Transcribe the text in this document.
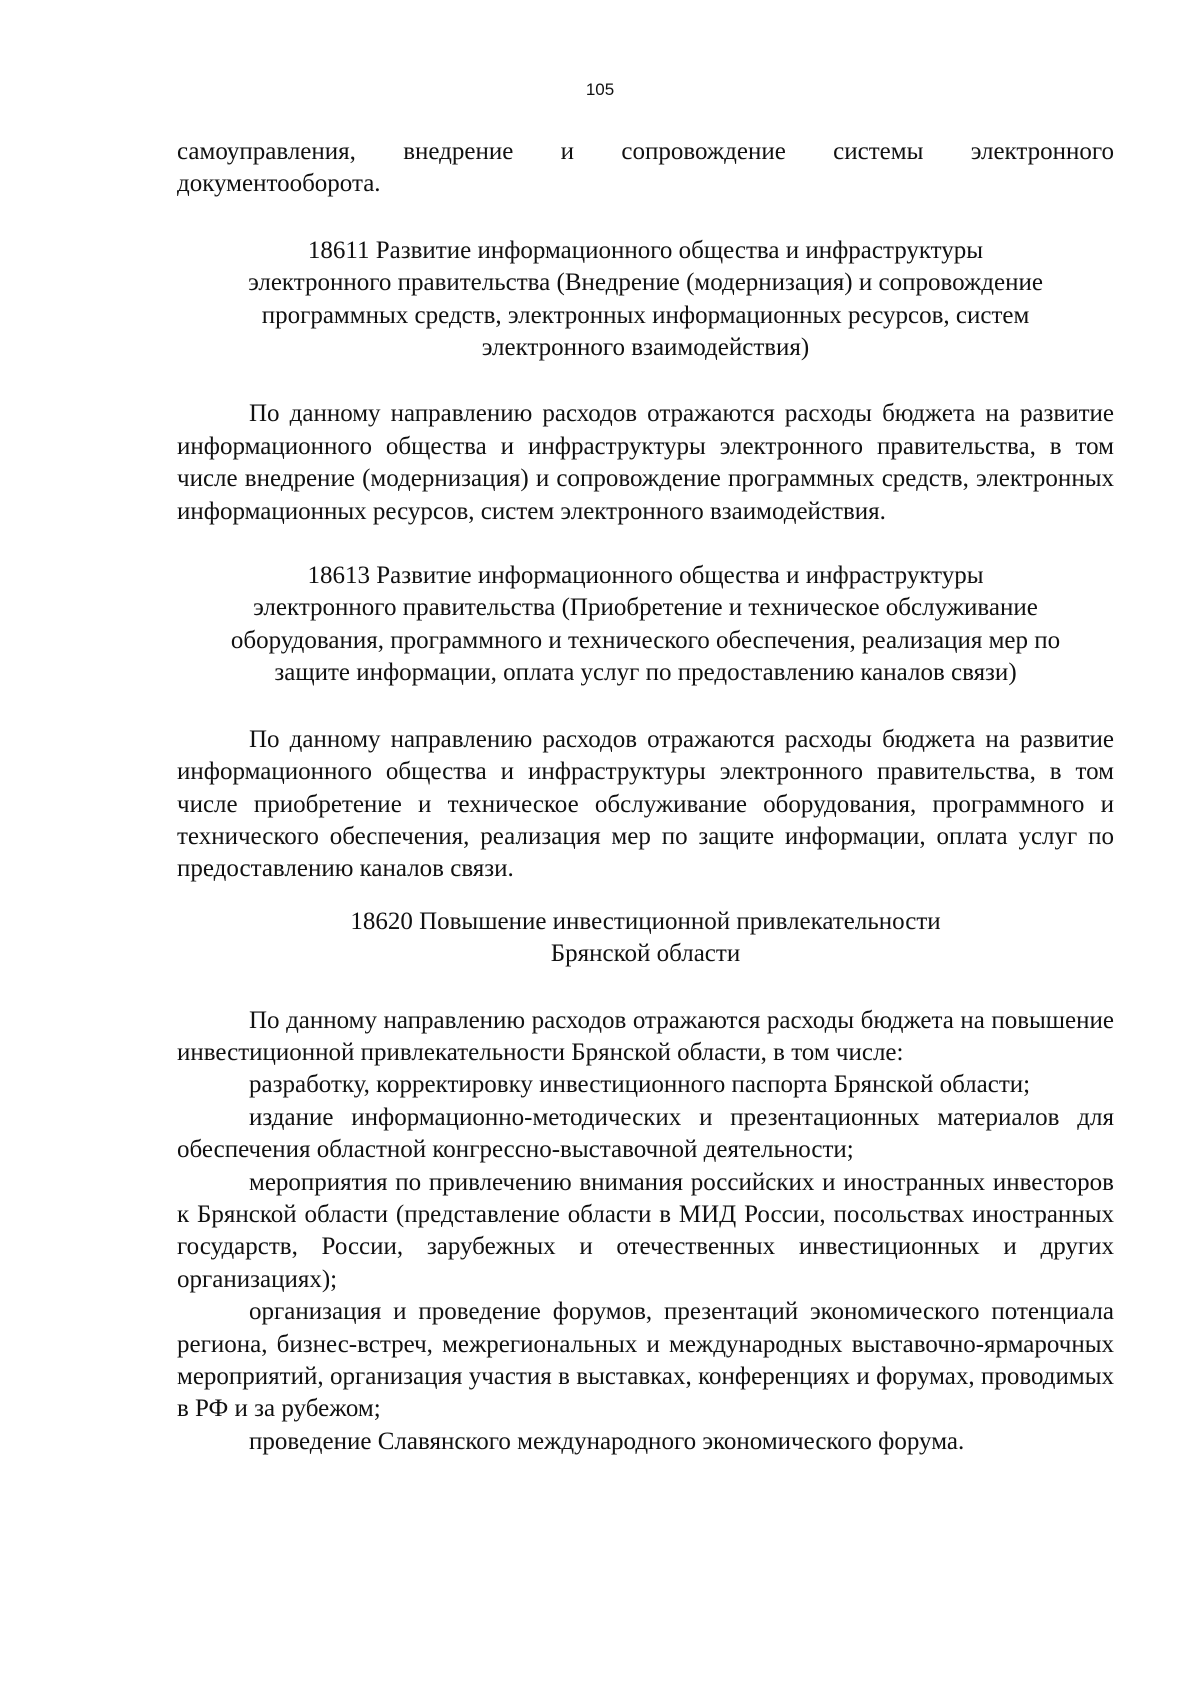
105

самоуправления, внедрение и сопровождение системы электронного документооборота.

18611 Развитие информационного общества и инфраструктуры
электронного правительства (Внедрение (модернизация) и сопровождение
программных средств, электронных информационных ресурсов, систем
электронного взаимодействия)

По данному направлению расходов отражаются расходы бюджета на развитие информационного общества и инфраструктуры электронного правительства, в том числе внедрение (модернизация) и сопровождение программных средств, электронных информационных ресурсов, систем электронного взаимодействия.

18613 Развитие информационного общества и инфраструктуры
электронного правительства (Приобретение и техническое обслуживание
оборудования, программного и технического обеспечения, реализация мер по
защите информации, оплата услуг по предоставлению каналов связи)

По данному направлению расходов отражаются расходы бюджета на развитие информационного общества и инфраструктуры электронного правительства, в том числе приобретение и техническое обслуживание оборудования, программного и технического обеспечения, реализация мер по защите информации, оплата услуг по предоставлению каналов связи.

18620 Повышение инвестиционной привлекательности
Брянской области

По данному направлению расходов отражаются расходы бюджета на повышение инвестиционной привлекательности Брянской области, в том числе:

разработку, корректировку инвестиционного паспорта Брянской области;

издание информационно-методических и презентационных материалов для обеспечения областной конгрессно-выставочной деятельности;

мероприятия по привлечению внимания российских и иностранных инвесторов к Брянской области (представление области в МИД России, посольствах иностранных государств, России, зарубежных и отечественных инвестиционных и других организациях);

организация и проведение форумов, презентаций экономического потенциала региона, бизнес-встреч, межрегиональных и международных выставочно-ярмарочных мероприятий, организация участия в выставках, конференциях и форумах, проводимых в РФ и за рубежом;

проведение Славянского международного экономического форума.
